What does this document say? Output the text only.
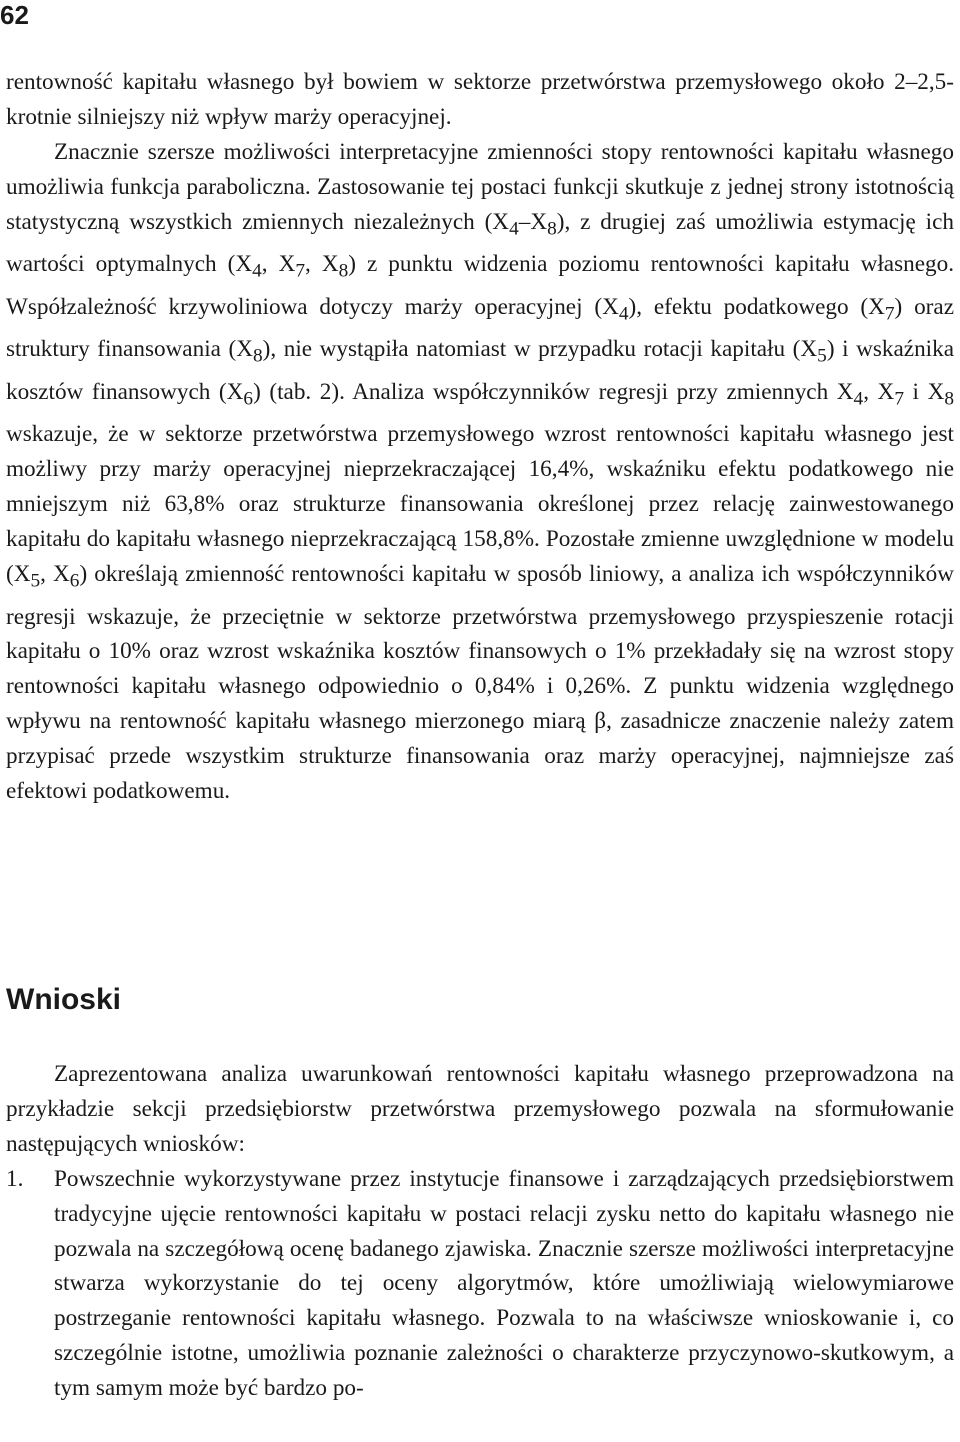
62

rentowność kapitału własnego był bowiem w sektorze przetwórstwa przemysłowego około 2–2,5-krotnie silniejszy niż wpływ marży operacyjnej.

Znacznie szersze możliwości interpretacyjne zmienności stopy rentowności kapitału własnego umożliwia funkcja paraboliczna. Zastosowanie tej postaci funkcji skutkuje z jednej strony istotnością statystyczną wszystkich zmiennych niezależnych $(X_4-X_8)$, z drugiej zaś umożliwia estymację ich wartości optymalnych ($X_4$, $X_7$, $X_8$) z punktu widzenia poziomu rentowności kapitału własnego. Współzależność krzywoliniowa dotyczy marży operacyjnej $(X_4)$, efektu podatkowego $(X_7)$ oraz struktury finansowania $(X_8)$, nie wystąpiła natomiast w przypadku rotacji kapitału $(X_5)$ i wskaźnika kosztów finansowych $(X_6)$ (tab. 2). Analiza współczynników regresji przy zmiennych $X_4$, $X_7$ i $X_8$ wskazuje, że w sektorze przetwórstwa przemysłowego wzrost rentowności kapitału własnego jest możliwy przy marży operacyjnej nieprzekraczającej 16,4%, wskaźniku efektu podatkowego nie mniejszym niż 63,8% oraz strukturze finansowania określonej przez relację zainwestowanego kapitału do kapitału własnego nieprzekraczającą 158,8%. Pozostałe zmienne uwzględnione w modelu ($X_5$, $X_6$) określają zmienność rentowności kapitału w sposób liniowy, a analiza ich współczynników regresji wskazuje, że przeciętnie w sektorze przetwórstwa przemysłowego przyspieszenie rotacji kapitału o 10% oraz wzrost wskaźnika kosztów finansowych o 1% przekładały się na wzrost stopy rentowności kapitału własnego odpowiednio o 0,84% i 0,26%. Z punktu widzenia względnego wpływu na rentowność kapitału własnego mierzonego miarą β, zasadnicze znaczenie należy zatem przypisać przede wszystkim strukturze finansowania oraz marży operacyjnej, najmniejsze zaś efektowi podatkowemu.

Wnioski

Zaprezentowana analiza uwarunkowań rentowności kapitału własnego przeprowadzona na przykładzie sekcji przedsiębiorstw przetwórstwa przemysłowego pozwala na sformułowanie następujących wniosków:

1.	Powszechnie wykorzystywane przez instytucje finansowe i zarządzających przedsiębiorstwem tradycyjne ujęcie rentowności kapitału w postaci relacji zysku netto do kapitału własnego nie pozwala na szczegółową ocenę badanego zjawiska. Znacznie szersze możliwości interpretacyjne stwarza wykorzystanie do tej oceny algorytmów, które umożliwiają wielowymiarowe postrzeganie rentowności kapitału własnego. Pozwala to na właściwsze wnioskowanie i, co szczególnie istotne, umożliwia poznanie zależności o charakterze przyczynowo-skutkowym, a tym samym może być bardzo po-
